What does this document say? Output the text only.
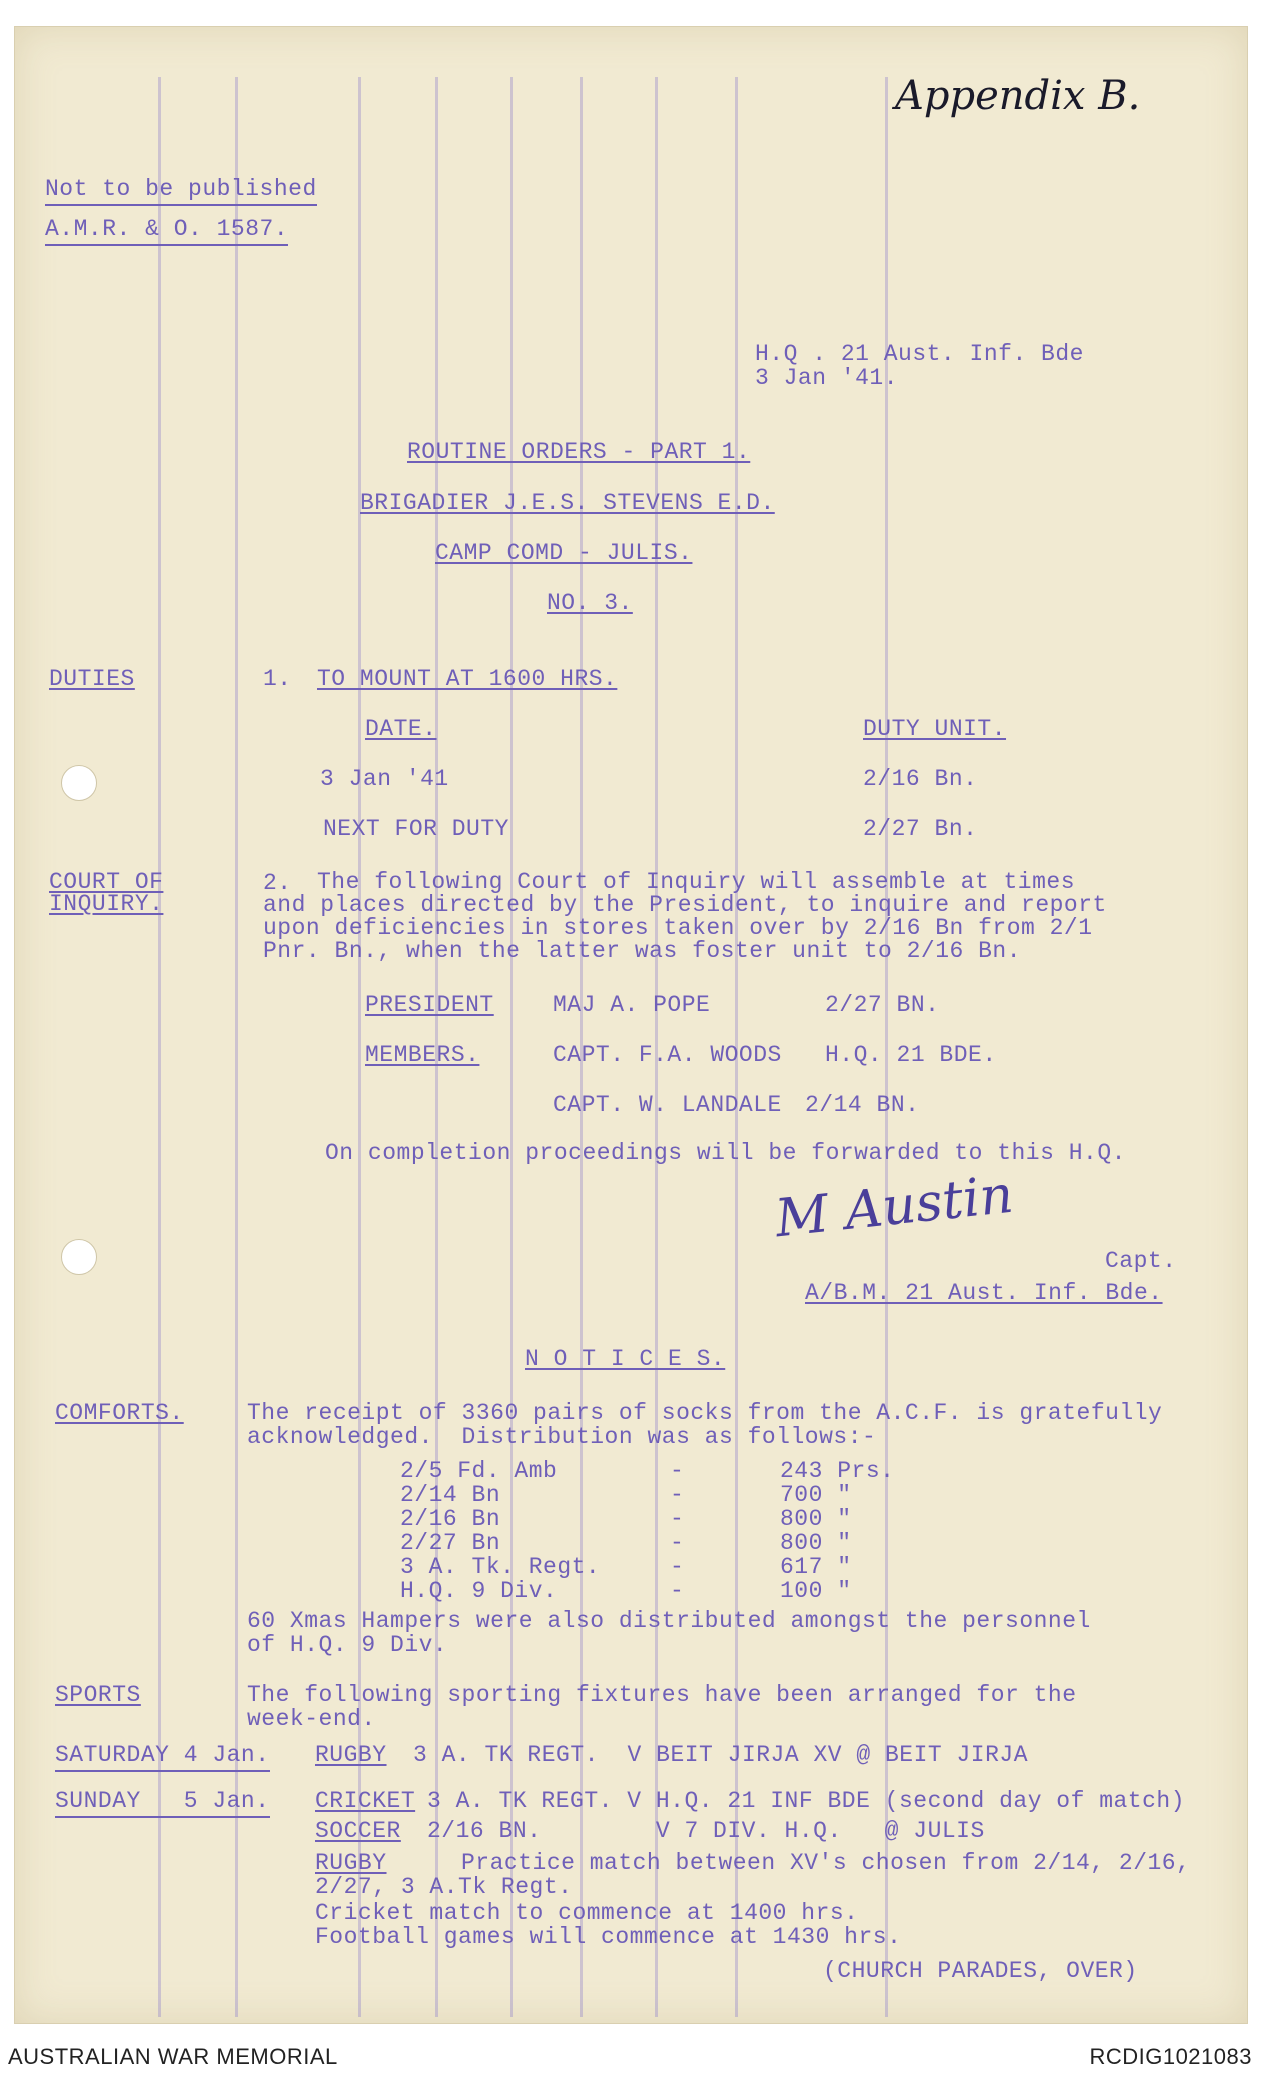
Not to be published
A.M.R. & O. 1587.
Appendix B.
H.Q . 21 Aust. Inf. Bde
3 Jan '41.
ROUTINE ORDERS - PART 1.
BRIGADIER J.E.S. STEVENS E.D.
CAMP COMD - JULIS.
NO. 3.
DUTIES	1. TO MOUNT AT 1600 HRS.
DATE.	DUTY UNIT.
3 Jan '41	2/16 Bn.
NEXT FOR DUTY	2/27 Bn.
COURT OF INQUIRY.
2.	The following Court of Inquiry will assemble at times
and places directed by the President, to inquire and report
upon deficiencies in stores taken over by 2/16 Bn from 2/1
Pnr. Bn., when the latter was foster unit to 2/16 Bn.
PRESIDENT	MAJ A. POPE	2/27 BN.
MEMBERS.	CAPT. F.A. WOODS H.Q. 21 BDE.
CAPT. W. LANDALE 2/14 BN.
On completion proceedings will be forwarded to this H.Q.
M Austin
Capt.
A/B.M. 21 Aust. Inf. Bde.
N O T I C E S.
COMFORTS.	The receipt of 3360 pairs of socks from the A.C.F. is gratefully
acknowledged.  Distribution was as follows:-
2/5 Fd. Amb	-	243 Prs.
2/14 Bn	-	700 "
2/16 Bn	-	800 "
2/27 Bn	-	800 "
3 A. Tk. Regt.	-	617 "
H.Q. 9 Div.	-	100 "
60 Xmas Hampers were also distributed amongst the personnel
of H.Q. 9 Div.
SPORTS	The following sporting fixtures have been arranged for the
week-end.
SATURDAY 4 Jan. RUGBY 3 A. TK REGT.  V BEIT JIRJA XV @ BEIT JIRJA
SUNDAY   5 Jan. CRICKET 3 A. TK REGT. V H.Q. 21 INF BDE (second day of match)
SOCCER 2/16 BN.        V 7 DIV. H.Q.   @ JULIS
RUGBY	Practice match between XV's chosen from 2/14, 2/16,
2/27, 3 A.Tk Regt.
Cricket match to commence at 1400 hrs.
Football games will commence at 1430 hrs.
(CHURCH PARADES, OVER)
AUSTRALIAN WAR MEMORIAL	RCDIG1021083
